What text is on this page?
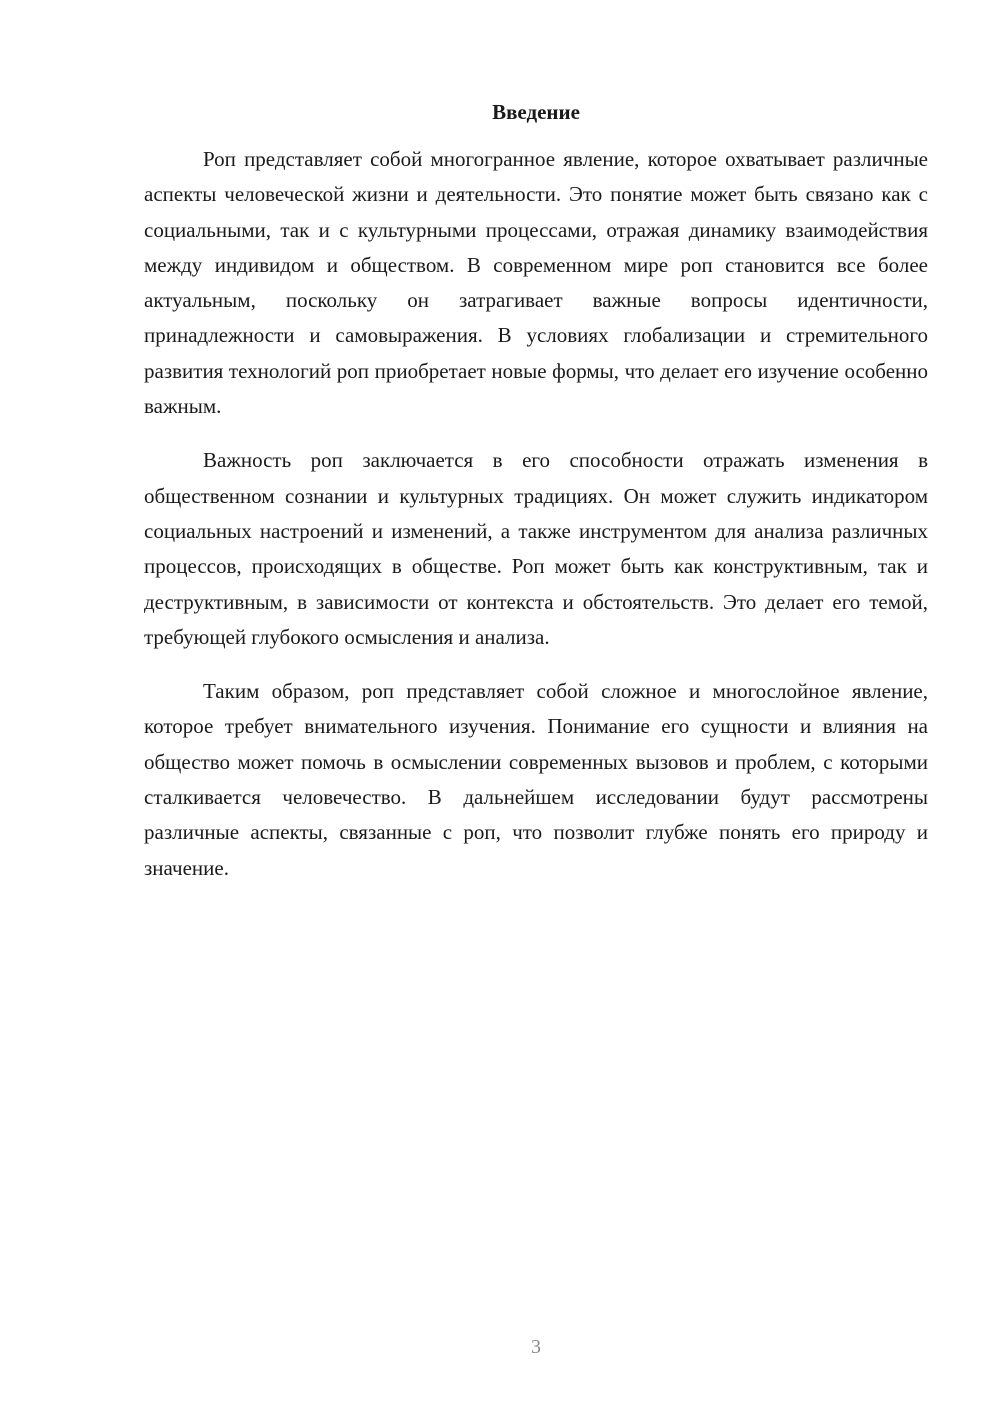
Введение

Роп представляет собой многогранное явление, которое охватывает различные аспекты человеческой жизни и деятельности. Это понятие может быть связано как с социальными, так и с культурными процессами, отражая динамику взаимодействия между индивидом и обществом. В современном мире роп становится все более актуальным, поскольку он затрагивает важные вопросы идентичности, принадлежности и самовыражения. В условиях глобализации и стремительного развития технологий роп приобретает новые формы, что делает его изучение особенно важным.

Важность роп заключается в его способности отражать изменения в общественном сознании и культурных традициях. Он может служить индикатором социальных настроений и изменений, а также инструментом для анализа различных процессов, происходящих в обществе. Роп может быть как конструктивным, так и деструктивным, в зависимости от контекста и обстоятельств. Это делает его темой, требующей глубокого осмысления и анализа.

Таким образом, роп представляет собой сложное и многослойное явление, которое требует внимательного изучения. Понимание его сущности и влияния на общество может помочь в осмыслении современных вызовов и проблем, с которыми сталкивается человечество. В дальнейшем исследовании будут рассмотрены различные аспекты, связанные с роп, что позволит глубже понять его природу и значение.

3
